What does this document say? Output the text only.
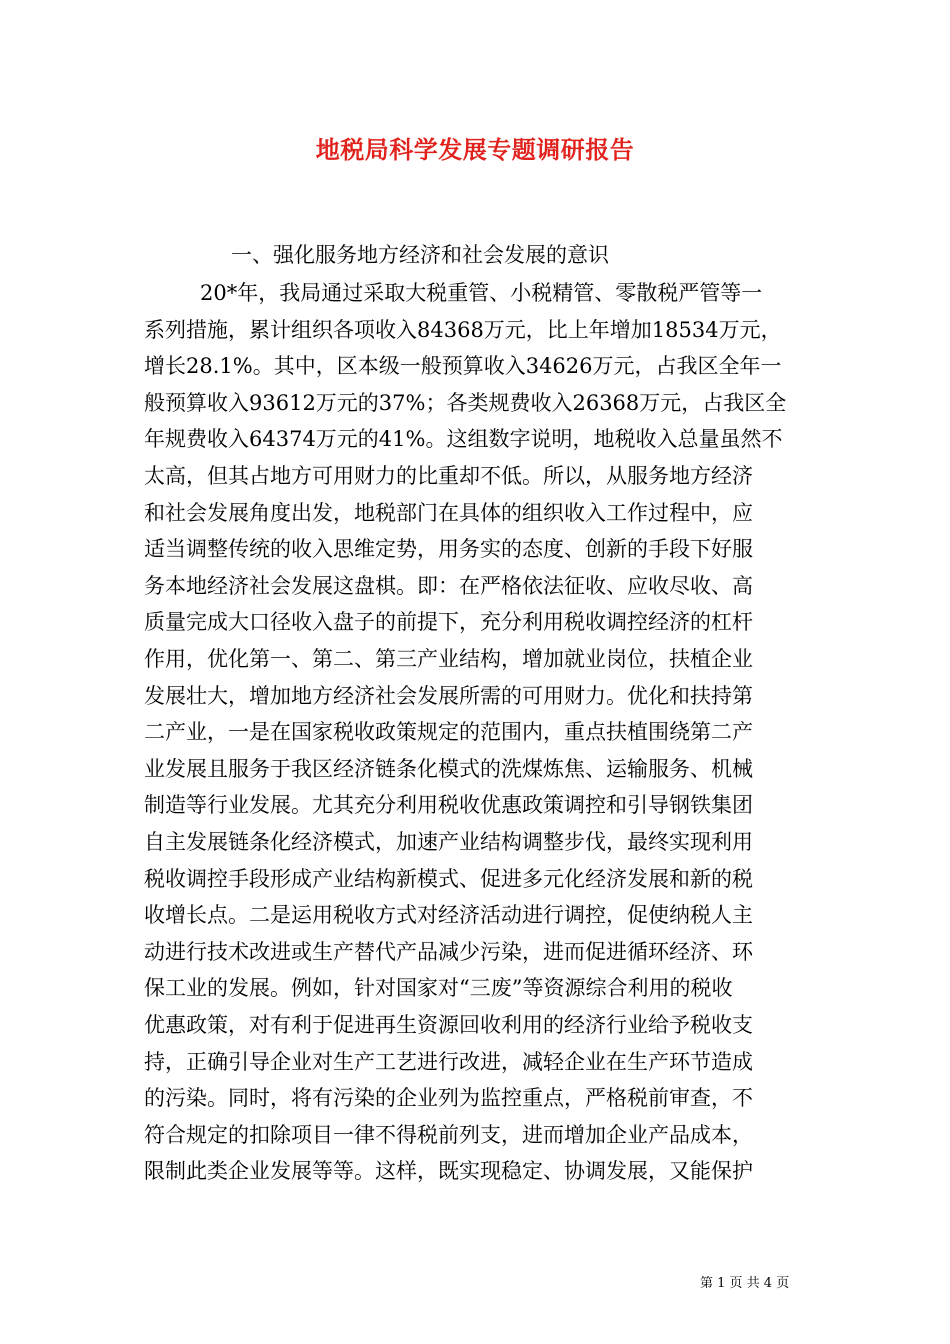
地税局科学发展专题调研报告
一、强化服务地方经济和社会发展的意识
20*年，我局通过采取大税重管、小税精管、零散税严管等一
系列措施，累计组织各项收入84368万元，比上年增加18534万元，
增长28.1%。其中，区本级一般预算收入34626万元，占我区全年一
般预算收入93612万元的37%；各类规费收入26368万元，占我区全
年规费收入64374万元的41%。这组数字说明，地税收入总量虽然不
太高，但其占地方可用财力的比重却不低。所以，从服务地方经济
和社会发展角度出发，地税部门在具体的组织收入工作过程中，应
适当调整传统的收入思维定势，用务实的态度、创新的手段下好服
务本地经济社会发展这盘棋。即：在严格依法征收、应收尽收、高
质量完成大口径收入盘子的前提下，充分利用税收调控经济的杠杆
作用，优化第一、第二、第三产业结构，增加就业岗位，扶植企业
发展壮大，增加地方经济社会发展所需的可用财力。优化和扶持第
二产业，一是在国家税收政策规定的范围内，重点扶植围绕第二产
业发展且服务于我区经济链条化模式的洗煤炼焦、运输服务、机械
制造等行业发展。尤其充分利用税收优惠政策调控和引导钢铁集团
自主发展链条化经济模式，加速产业结构调整步伐，最终实现利用
税收调控手段形成产业结构新模式、促进多元化经济发展和新的税
收增长点。二是运用税收方式对经济活动进行调控，促使纳税人主
动进行技术改进或生产替代产品减少污染，进而促进循环经济、环
保工业的发展。例如，针对国家对“三废”等资源综合利用的税收
优惠政策，对有利于促进再生资源回收利用的经济行业给予税收支
持，正确引导企业对生产工艺进行改进，减轻企业在生产环节造成
的污染。同时，将有污染的企业列为监控重点，严格税前审查，不
符合规定的扣除项目一律不得税前列支，进而增加企业产品成本，
限制此类企业发展等等。这样，既实现稳定、协调发展，又能保护
第 1 页 共 4 页
